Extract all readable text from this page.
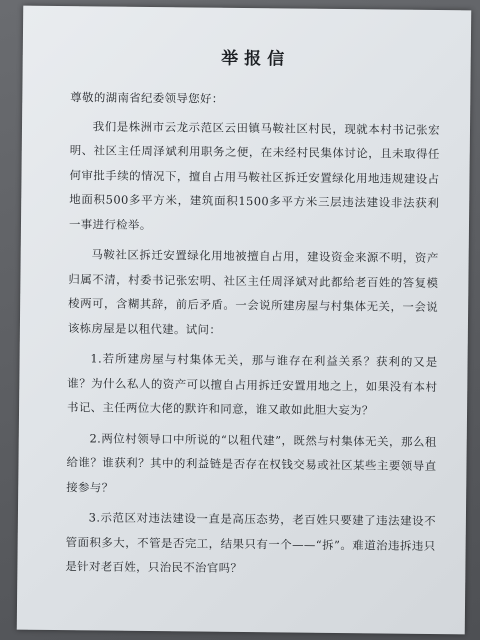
举报信
尊敬的湖南省纪委领导您好：

我们是株洲市云龙示范区云田镇马鞍社区村民，现就本村书记张宏明、社区主任周泽斌利用职务之便，在未经村民集体讨论，且未取得任何审批手续的情况下，擅自占用马鞍社区拆迁安置绿化用地违规建设占地面积500多平方米，建筑面积1500多平方米三层违法建设非法获利一事进行检举。

马鞍社区拆迁安置绿化用地被擅自占用，建设资金来源不明，资产归属不清，村委书记张宏明、社区主任周泽斌对此都给老百姓的答复模棱两可，含糊其辞，前后矛盾。一会说所建房屋与村集体无关，一会说该栋房屋是以租代建。试问：

1.若所建房屋与村集体无关，那与谁存在利益关系？获利的又是谁？为什么私人的资产可以擅自占用拆迁安置用地之上，如果没有本村书记、主任两位大佬的默许和同意，谁又敢如此胆大妄为？

2.两位村领导口中所说的“以租代建”，既然与村集体无关，那么租给谁？谁获利？其中的利益链是否存在权钱交易或社区某些主要领导直接参与？

3.示范区对违法建设一直是高压态势，老百姓只要建了违法建设不管面积多大，不管是否完工，结果只有一个——“拆”。难道治违拆违只是针对老百姓，只治民不治官吗？
